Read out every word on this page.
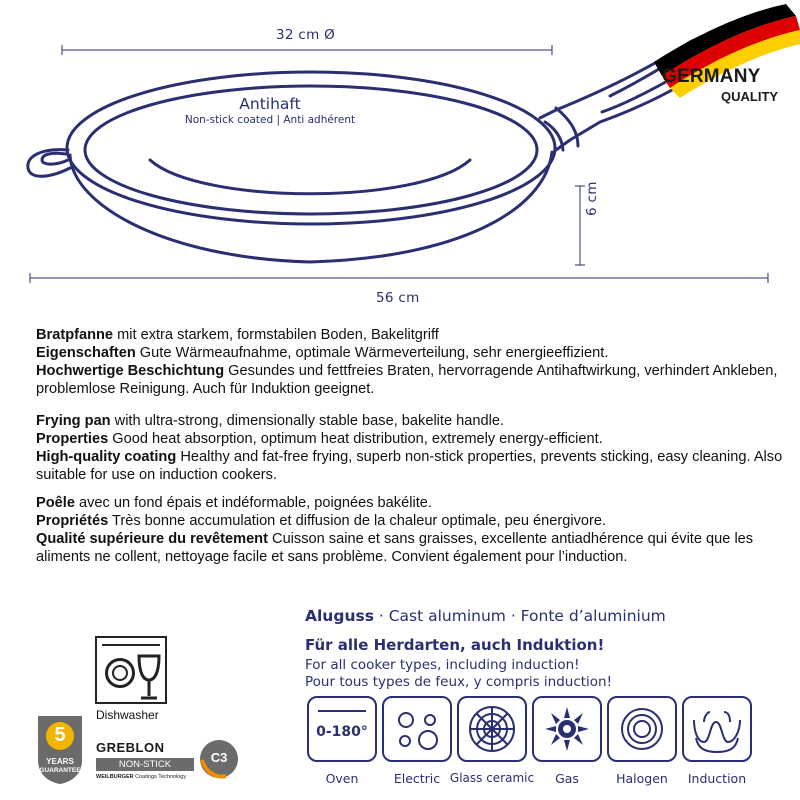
32 cm Ø
6 cm
56 cm
Antihaft
Non-stick coated | Anti adhérent
GERMANY
QUALITY

Bratpfanne mit extra starkem, formstabilen Boden, Bakelitgriff

Eigenschaften Gute Wärmeaufnahme, optimale Wärmeverteilung, sehr energieeffizient.

Hochwertige Beschichtung Gesundes und fettfreies Braten, hervorragende Antihaftwirkung, verhindert Ankleben, problemlose Reinigung. Auch für Induktion geeignet.

Frying pan with ultra-strong, dimensionally stable base, bakelite handle.

Properties Good heat absorption, optimum heat distribution, extremely energy-efficient.

High-quality coating Healthy and fat-free frying, superb non-stick properties, prevents sticking, easy cleaning. Also suitable for use on induction cookers.

Poêle avec un fond épais et indéformable, poignées bakélite.

Propriétés Très bonne accumulation et diffusion de la chaleur optimale, peu énergivore.

Qualité supérieure du revêtement Cuisson saine et sans graisses, excellente antiadhérence qui évite que les aliments ne collent, nettoyage facile et sans problème. Convient également pour l’induction.

Aluguss · Cast aluminum · Fonte d’aluminium
Für alle Herdarten, auch Induktion!
For all cooker types, including induction!
Pour tous types de feux, y compris induction!
0-180°
Oven	Electric Glass ceramic	Gas	Halogen	Induction
Dishwasher
5
YEARS
GUARANTEE
GREBLON
NON-STICK
WEILBURGER Coatings Technology
C3
